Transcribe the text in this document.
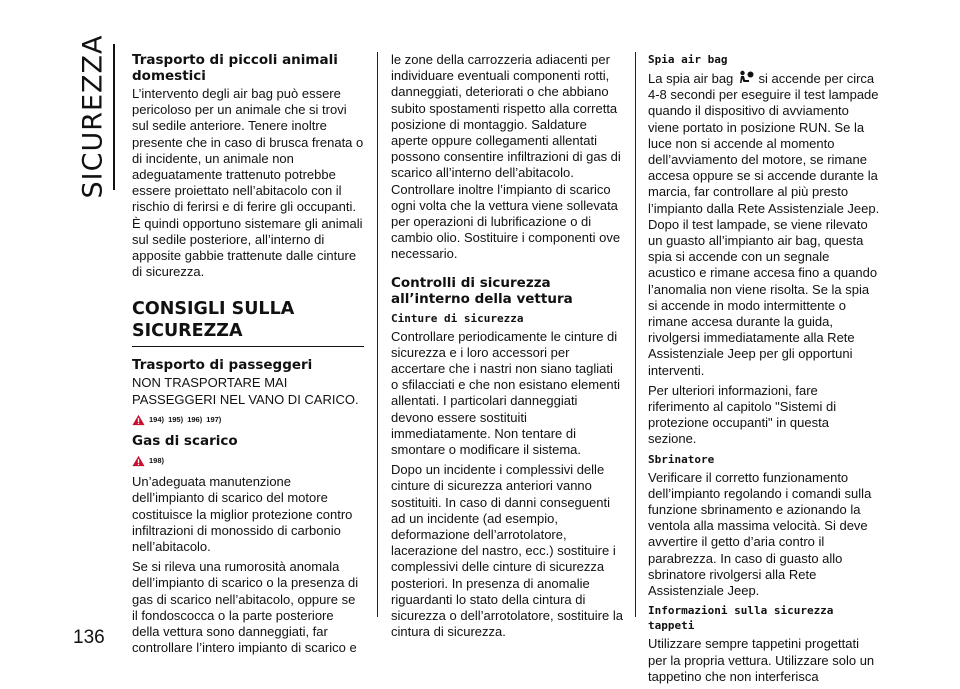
SICUREZZA
136
Trasporto di piccoli animali domestici

L’intervento degli air bag può essere pericoloso per un animale che si trovi sul sedile anteriore. Tenere inoltre presente che in caso di brusca frenata o di incidente, un animale non adeguatamente trattenuto potrebbe essere proiettato nell’abitacolo con il rischio di ferirsi e di ferire gli occupanti. È quindi opportuno sistemare gli animali sul sedile posteriore, all’interno di apposite gabbie trattenute dalle cinture di sicurezza.

CONSIGLI SULLA SICUREZZA
Trasporto di passeggeri

NON TRASPORTARE MAI PASSEGGERI NEL VANO DI CARICO.

194) 195) 196) 197)
Gas di scarico
198)

Un’adeguata manutenzione dell’impianto di scarico del motore costituisce la miglior protezione contro infiltrazioni di monossido di carbonio nell’abitacolo.

Se si rileva una rumorosità anomala dell’impianto di scarico o la presenza di gas di scarico nell’abitacolo, oppure se il fondoscocca o la parte posteriore della vettura sono danneggiati, far controllare l’intero impianto di scarico e

le zone della carrozzeria adiacenti per individuare eventuali componenti rotti, danneggiati, deteriorati o che abbiano subito spostamenti rispetto alla corretta posizione di montaggio. Saldature aperte oppure collegamenti allentati possono consentire infiltrazioni di gas di scarico all’interno dell’abitacolo. Controllare inoltre l’impianto di scarico ogni volta che la vettura viene sollevata per operazioni di lubrificazione o di cambio olio. Sostituire i componenti ove necessario.

Controlli di sicurezza all’interno della vettura
Cinture di sicurezza

Controllare periodicamente le cinture di sicurezza e i loro accessori per accertare che i nastri non siano tagliati o sfilacciati e che non esistano elementi allentati. I particolari danneggiati devono essere sostituiti immediatamente. Non tentare di smontare o modificare il sistema.

Dopo un incidente i complessivi delle cinture di sicurezza anteriori vanno sostituiti. In caso di danni conseguenti ad un incidente (ad esempio, deformazione dell’arrotolatore, lacerazione del nastro, ecc.) sostituire i complessivi delle cinture di sicurezza posteriori. In presenza di anomalie riguardanti lo stato della cintura di sicurezza o dell’arrotolatore, sostituire la cintura di sicurezza.

Spia air bag

La spia air bag si accende per circa 4-8 secondi per eseguire il test lampade quando il dispositivo di avviamento viene portato in posizione RUN. Se la luce non si accende al momento dell’avviamento del motore, se rimane accesa oppure se si accende durante la marcia, far controllare al più presto l’impianto dalla Rete Assistenziale Jeep. Dopo il test lampade, se viene rilevato un guasto all’impianto air bag, questa spia si accende con un segnale acustico e rimane accesa fino a quando l’anomalia non viene risolta. Se la spia si accende in modo intermittente o rimane accesa durante la guida, rivolgersi immediatamente alla Rete Assistenziale Jeep per gli opportuni interventi.

Per ulteriori informazioni, fare riferimento al capitolo "Sistemi di protezione occupanti" in questa sezione.

Sbrinatore

Verificare il corretto funzionamento dell’impianto regolando i comandi sulla funzione sbrinamento e azionando la ventola alla massima velocità. Si deve avvertire il getto d’aria contro il parabrezza. In caso di guasto allo sbrinatore rivolgersi alla Rete Assistenziale Jeep.

Informazioni sulla sicurezza tappeti

Utilizzare sempre tappetini progettati per la propria vettura. Utilizzare solo un tappetino che non interferisca
